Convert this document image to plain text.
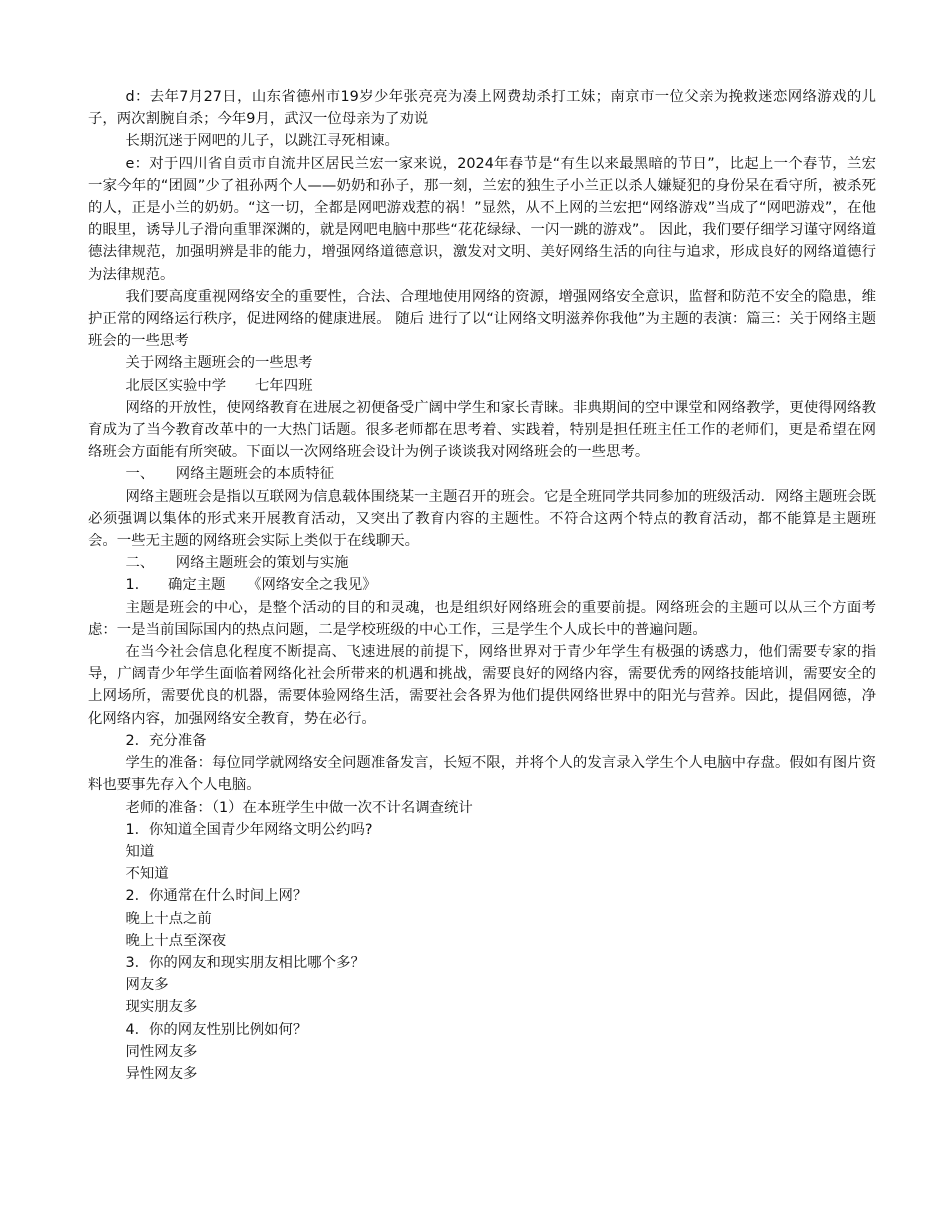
d：去年7月27日，山东省德州市19岁少年张亮亮为凑上网费劫杀打工妹；南京市一位父亲为挽救迷恋网络游戏的儿子，两次割腕自杀；今年9月，武汉一位母亲为了劝说

长期沉迷于网吧的儿子，以跳江寻死相谏。

e：对于四川省自贡市自流井区居民兰宏一家来说，2024年春节是“有生以来最黑暗的节日”，比起上一个春节，兰宏一家今年的“团圆”少了祖孙两个人——奶奶和孙子，那一刻，兰宏的独生子小兰正以杀人嫌疑犯的身份呆在看守所，被杀死的人，正是小兰的奶奶。“这一切，全都是网吧游戏惹的祸！”显然，从不上网的兰宏把“网络游戏”当成了“网吧游戏”，在他的眼里，诱导儿子滑向重罪深渊的，就是网吧电脑中那些“花花绿绿、一闪一跳的游戏”。 因此，我们要仔细学习谨守网络道德法律规范，加强明辨是非的能力，增强网络道德意识，激发对文明、美好网络生活的向往与追求，形成良好的网络道德行为法律规范。

我们要高度重视网络安全的重要性，合法、合理地使用网络的资源，增强网络安全意识，监督和防范不安全的隐患，维护正常的网络运行秩序，促进网络的健康进展。 随后 进行了以“让网络文明滋养你我他”为主题的表演：篇三：关于网络主题班会的一些思考

关于网络主题班会的一些思考

北辰区实验中学　　七年四班

网络的开放性，使网络教育在进展之初便备受广阔中学生和家长青睐。非典期间的空中课堂和网络教学，更使得网络教育成为了当今教育改革中的一大热门话题。很多老师都在思考着、实践着，特别是担任班主任工作的老师们，更是希望在网络班会方面能有所突破。下面以一次网络班会设计为例子谈谈我对网络班会的一些思考。

一、　　网络主题班会的本质特征

网络主题班会是指以互联网为信息载体围绕某一主题召开的班会。它是全班同学共同参加的班级活动．网络主题班会既必须强调以集体的形式来开展教育活动，又突出了教育内容的主题性。不符合这两个特点的教育活动，都不能算是主题班会。一些无主题的网络班会实际上类似于在线聊天。

二、　　网络主题班会的策划与实施

1.　　确定主题　　《网络安全之我见》

主题是班会的中心，是整个活动的目的和灵魂，也是组织好网络班会的重要前提。网络班会的主题可以从三个方面考虑：一是当前国际国内的热点问题，二是学校班级的中心工作，三是学生个人成长中的普遍问题。

在当今社会信息化程度不断提高、飞速进展的前提下，网络世界对于青少年学生有极强的诱惑力，他们需要专家的指导，广阔青少年学生面临着网络化社会所带来的机遇和挑战，需要良好的网络内容，需要优秀的网络技能培训，需要安全的上网场所，需要优良的机器，需要体验网络生活，需要社会各界为他们提供网络世界中的阳光与营养。因此，提倡网德，净化网络内容，加强网络安全教育，势在必行。

2．充分准备

学生的准备：每位同学就网络安全问题准备发言，长短不限，并将个人的发言录入学生个人电脑中存盘。假如有图片资料也要事先存入个人电脑。

老师的准备：（1）在本班学生中做一次不计名调查统计

1．你知道全国青少年网络文明公约吗?

知道

不知道

2．你通常在什么时间上网？

晚上十点之前

晚上十点至深夜

3．你的网友和现实朋友相比哪个多？

网友多

现实朋友多

4．你的网友性别比例如何？

同性网友多

异性网友多
